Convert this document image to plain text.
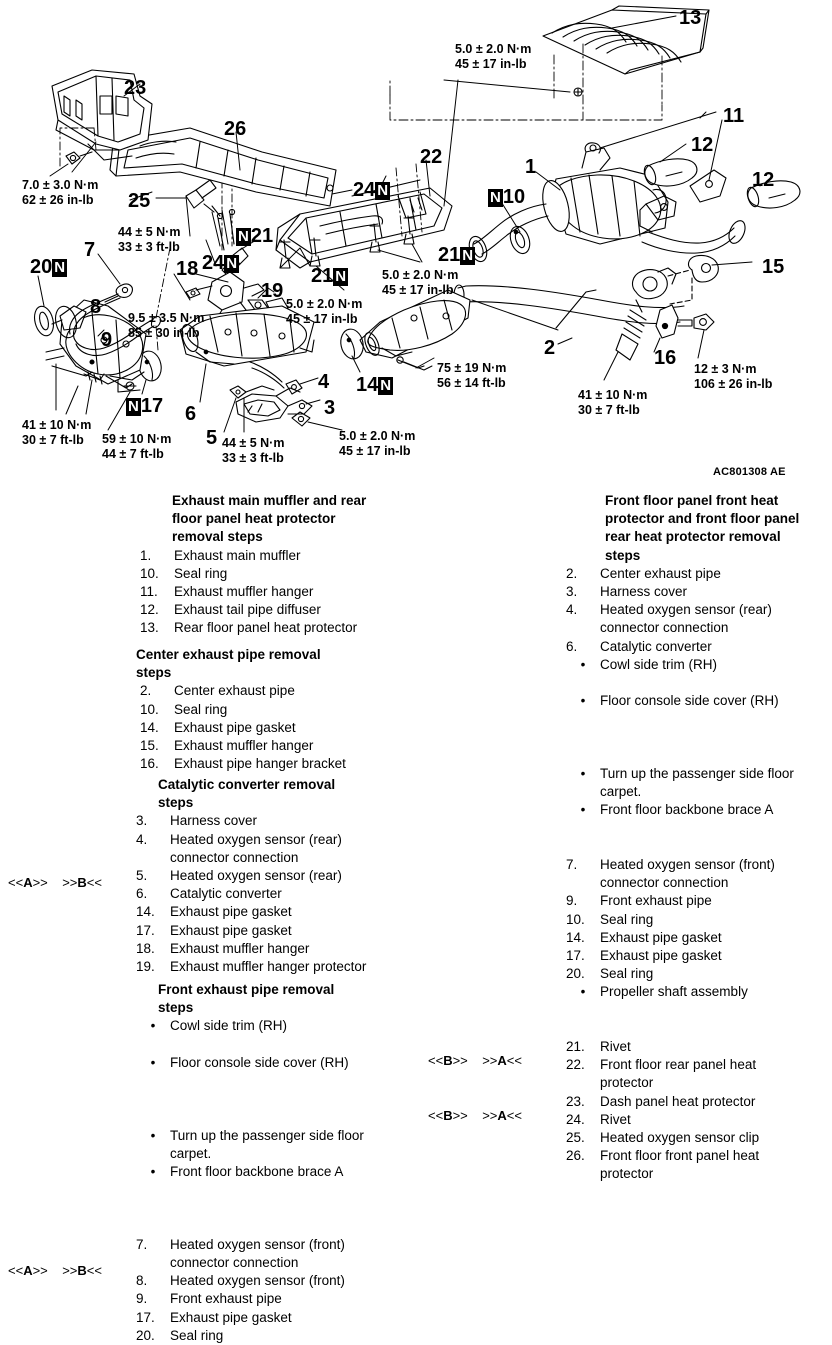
5.0 ± 2.0 N·m
45 ± 17 in-lb
7.0 ± 3.0 N·m
62 ± 26 in-lb
44 ± 5 N·m
33 ± 3 ft-lb
9.5 ± 3.5 N·m
85 ± 30 in-lb
5.0 ± 2.0 N·m
45 ± 17 in-lb
5.0 ± 2.0 N·m
45 ± 17 in-lb
41 ± 10 N·m
30 ± 7 ft-lb	59 ± 10 N·m
44 ± 7 ft-lb
44 ± 5 N·m
33 ± 3 ft-lb
5.0 ± 2.0 N·m
45 ± 17 in-lb
75 ± 19 N·m
56 ± 14 ft-lb
41 ± 10 N·m
30 ± 7 ft-lb
12 ± 3 N·m
106 ± 26 in-lb
13
23
11
26
12
22	1
12
25
7
18	15
19
8
9	2	16
4
6	3
5
N 10
20 N
24 N
N 21
24 N	21 N
21 N
N 17
14 N
AC801308 AE
Exhaust main muffler and rear
floor panel heat protector
removal steps
1.	Exhaust main muffler
10.	Seal ring
11.	Exhaust muffler hanger
12.	Exhaust tail pipe diffuser
13.	Rear floor panel heat protector
Center exhaust pipe removal
steps
2.	Center exhaust pipe
10.	Seal ring
14.	Exhaust pipe gasket
15.	Exhaust muffler hanger
16.	Exhaust pipe hanger bracket
Catalytic converter removal
steps
3.	Harness cover
4.	Heated oxygen sensor (rear)
connector connection
5.	Heated oxygen sensor (rear)
6.	Catalytic converter
14.	Exhaust pipe gasket
17.	Exhaust pipe gasket
18.	Exhaust muffler hanger
19.	Exhaust muffler hanger protector
Front exhaust pipe removal
steps
•	Cowl side trim (RH)
•	Floor console side cover (RH)
•	Turn up the passenger side floor
carpet.
•	Front floor backbone brace A
7.	Heated oxygen sensor (front)
connector connection
8.	Heated oxygen sensor (front)
9.	Front exhaust pipe
17.	Exhaust pipe gasket
20.	Seal ring
<<A>> >>B<<
<<A>> >>B<<
Front floor panel front heat
protector and front floor panel
rear heat protector removal
steps
2.	Center exhaust pipe
3.	Harness cover
4.	Heated oxygen sensor (rear)
connector connection
6.	Catalytic converter
•	Cowl side trim (RH)
•	Floor console side cover (RH)
•	Turn up the passenger side floor
carpet.
•	Front floor backbone brace A
7.	Heated oxygen sensor (front)
connector connection
9.	Front exhaust pipe
10.	Seal ring
14.	Exhaust pipe gasket
17.	Exhaust pipe gasket
20.	Seal ring
•	Propeller shaft assembly
21.	Rivet
22.	Front floor rear panel heat
protector
23.	Dash panel heat protector
24.	Rivet
25.	Heated oxygen sensor clip
26.	Front floor front panel heat
protector
<<B>> >>A<<
<<B>> >>A<<
